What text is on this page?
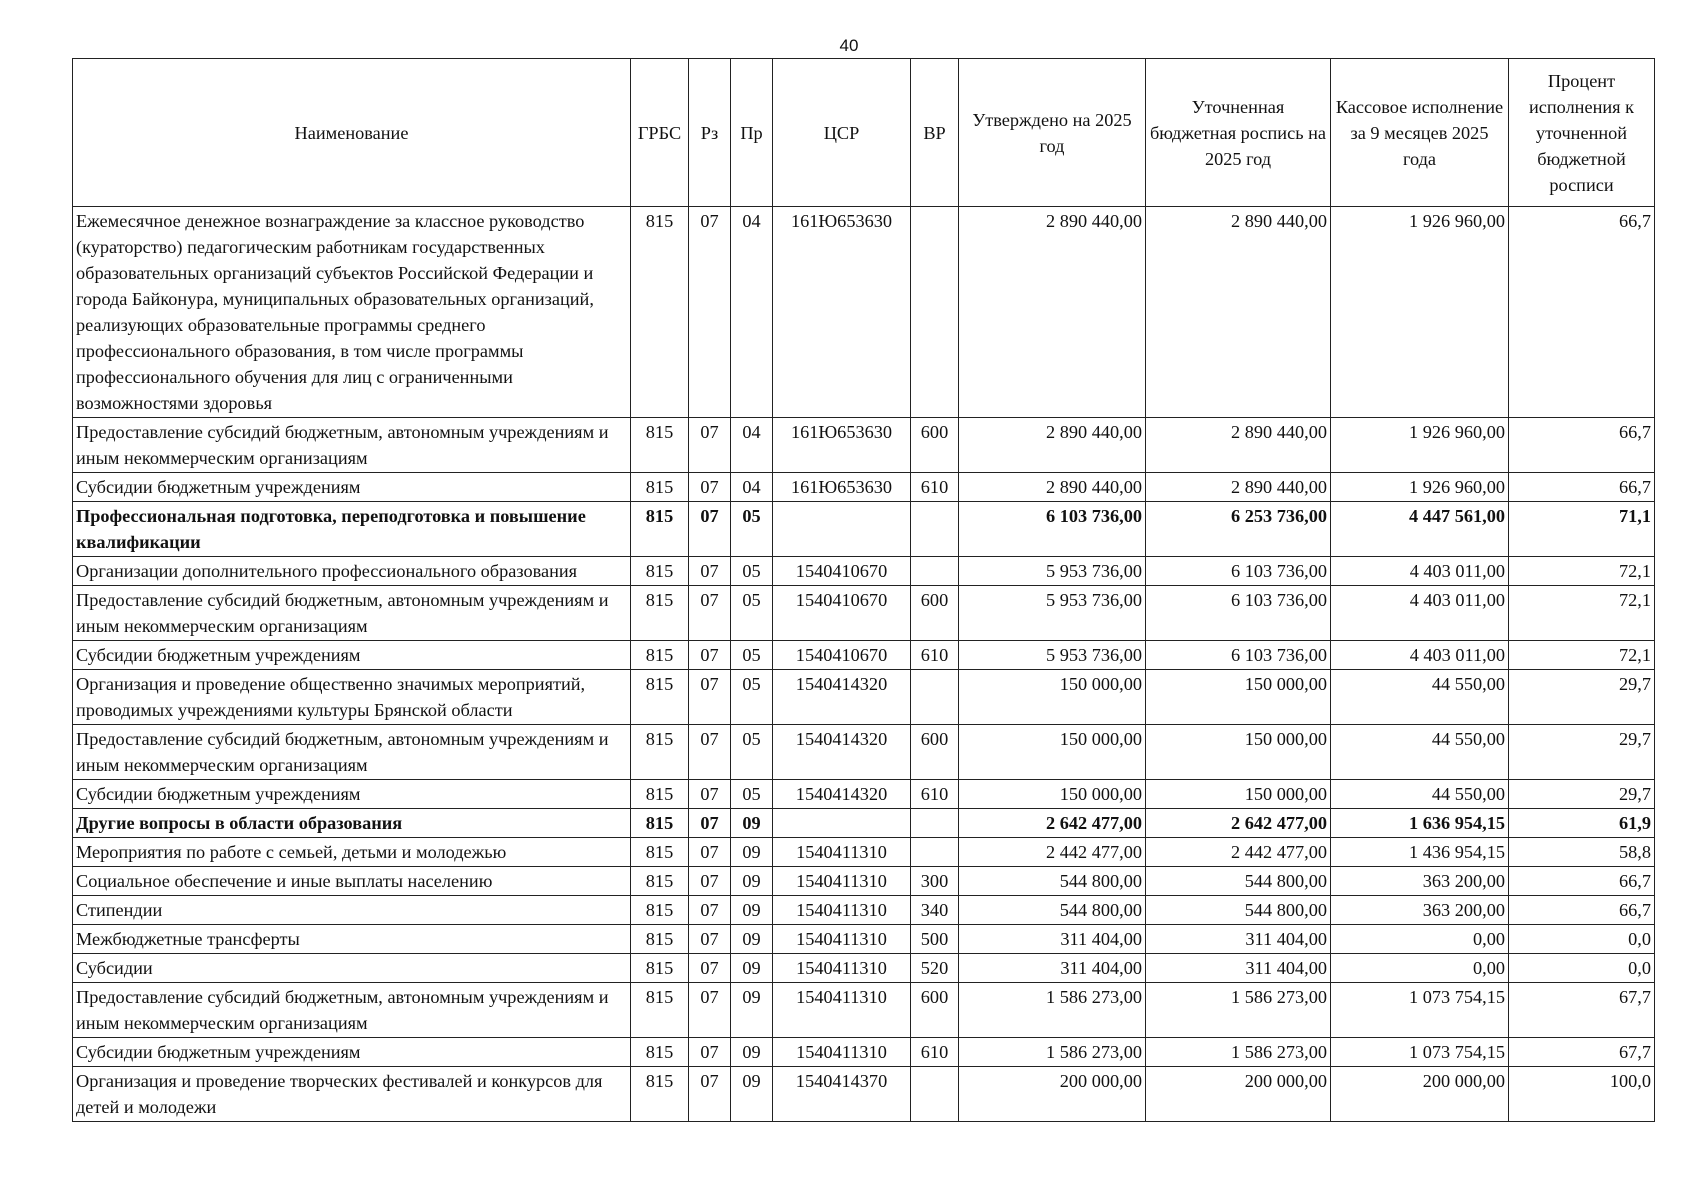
40
Наименование	ГРБС	Рз	Пр	ЦСР	ВР	Утверждено на 2025 год	Уточненная бюджетная роспись на 2025 год	Кассовое исполнение за 9 месяцев 2025 года	Процент исполнения к уточненной бюджетной росписи
Ежемесячное денежное вознаграждение за классное руководство (кураторство) педагогическим работникам государственных образовательных организаций субъектов Российской Федерации и города Байконура, муниципальных образовательных организаций, реализующих образовательные программы среднего профессионального образования, в том числе программы профессионального обучения для лиц с ограниченными возможностями здоровья	815	07	04	161Ю653630		2 890 440,00	2 890 440,00	1 926 960,00	66,7
Предоставление субсидий бюджетным, автономным учреждениям и иным некоммерческим организациям	815	07	04	161Ю653630	600	2 890 440,00	2 890 440,00	1 926 960,00	66,7
Субсидии бюджетным учреждениям	815	07	04	161Ю653630	610	2 890 440,00	2 890 440,00	1 926 960,00	66,7
Профессиональная подготовка, переподготовка и повышение квалификации	815	07	05			6 103 736,00	6 253 736,00	4 447 561,00	71,1
Организации дополнительного профессионального образования	815	07	05	1540410670		5 953 736,00	6 103 736,00	4 403 011,00	72,1
Предоставление субсидий бюджетным, автономным учреждениям и иным некоммерческим организациям	815	07	05	1540410670	600	5 953 736,00	6 103 736,00	4 403 011,00	72,1
Субсидии бюджетным учреждениям	815	07	05	1540410670	610	5 953 736,00	6 103 736,00	4 403 011,00	72,1
Организация и проведение общественно значимых мероприятий, проводимых учреждениями культуры Брянской области	815	07	05	1540414320		150 000,00	150 000,00	44 550,00	29,7
Предоставление субсидий бюджетным, автономным учреждениям и иным некоммерческим организациям	815	07	05	1540414320	600	150 000,00	150 000,00	44 550,00	29,7
Субсидии бюджетным учреждениям	815	07	05	1540414320	610	150 000,00	150 000,00	44 550,00	29,7
Другие вопросы в области образования	815	07	09			2 642 477,00	2 642 477,00	1 636 954,15	61,9
Мероприятия по работе с семьей, детьми и молодежью	815	07	09	1540411310		2 442 477,00	2 442 477,00	1 436 954,15	58,8
Социальное обеспечение и иные выплаты населению	815	07	09	1540411310	300	544 800,00	544 800,00	363 200,00	66,7
Стипендии	815	07	09	1540411310	340	544 800,00	544 800,00	363 200,00	66,7
Межбюджетные трансферты	815	07	09	1540411310	500	311 404,00	311 404,00	0,00	0,0
Субсидии	815	07	09	1540411310	520	311 404,00	311 404,00	0,00	0,0
Предоставление субсидий бюджетным, автономным учреждениям и иным некоммерческим организациям	815	07	09	1540411310	600	1 586 273,00	1 586 273,00	1 073 754,15	67,7
Субсидии бюджетным учреждениям	815	07	09	1540411310	610	1 586 273,00	1 586 273,00	1 073 754,15	67,7
Организация и проведение творческих фестивалей и конкурсов для детей и молодежи	815	07	09	1540414370		200 000,00	200 000,00	200 000,00	100,0
